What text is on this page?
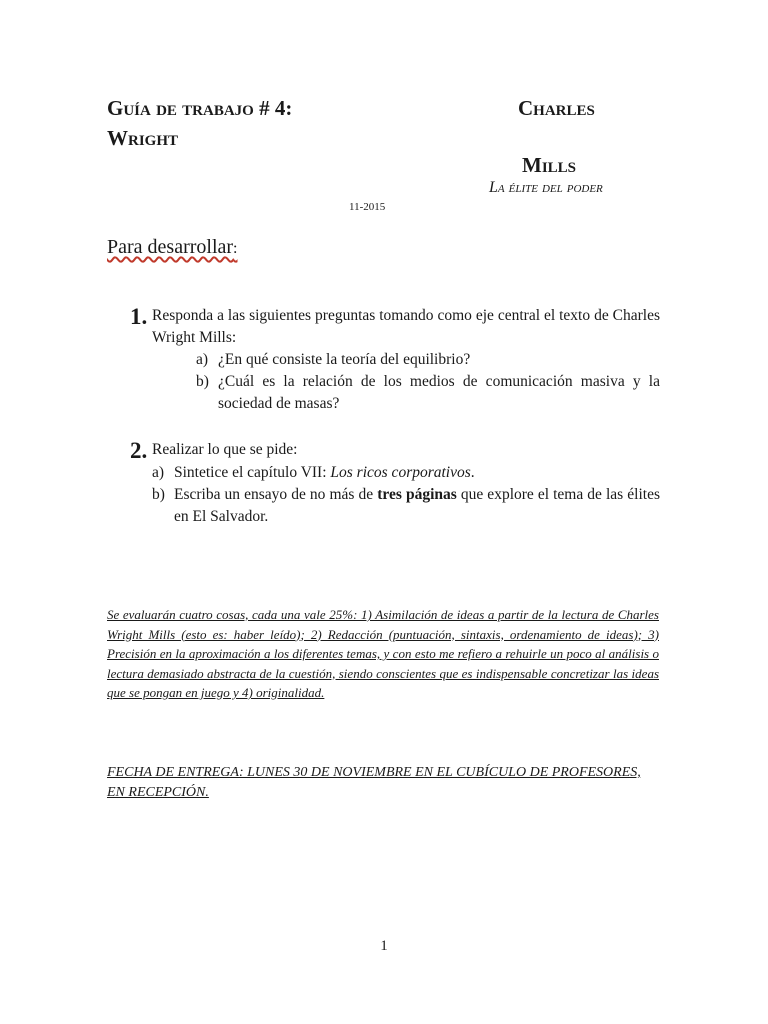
Guía de trabajo # 4: Wright
Charles
Mills
La élite del poder
11-2015
Para desarrollar:
1. Responda a las siguientes preguntas tomando como eje central el texto de Charles Wright Mills:
a) ¿En qué consiste la teoría del equilibrio?
b) ¿Cuál es la relación de los medios de comunicación masiva y la sociedad de masas?
2. Realizar lo que se pide:
a) Sintetice el capítulo VII: Los ricos corporativos.
b) Escriba un ensayo de no más de tres páginas que explore el tema de las élites en El Salvador.
Se evaluarán cuatro cosas, cada una vale 25%: 1) Asimilación de ideas a partir de la lectura de Charles Wright Mills (esto es: haber leído); 2) Redacción (puntuación, sintaxis, ordenamiento de ideas); 3) Precisión en la aproximación a los diferentes temas, y con esto me refiero a rehuirle un poco al análisis o lectura demasiado abstracta de la cuestión, siendo conscientes que es indispensable concretizar las ideas que se pongan en juego y 4) originalidad.
FECHA DE ENTREGA: LUNES 30 DE NOVIEMBRE EN EL CUBÍCULO DE PROFESORES, EN RECEPCIÓN.
1
